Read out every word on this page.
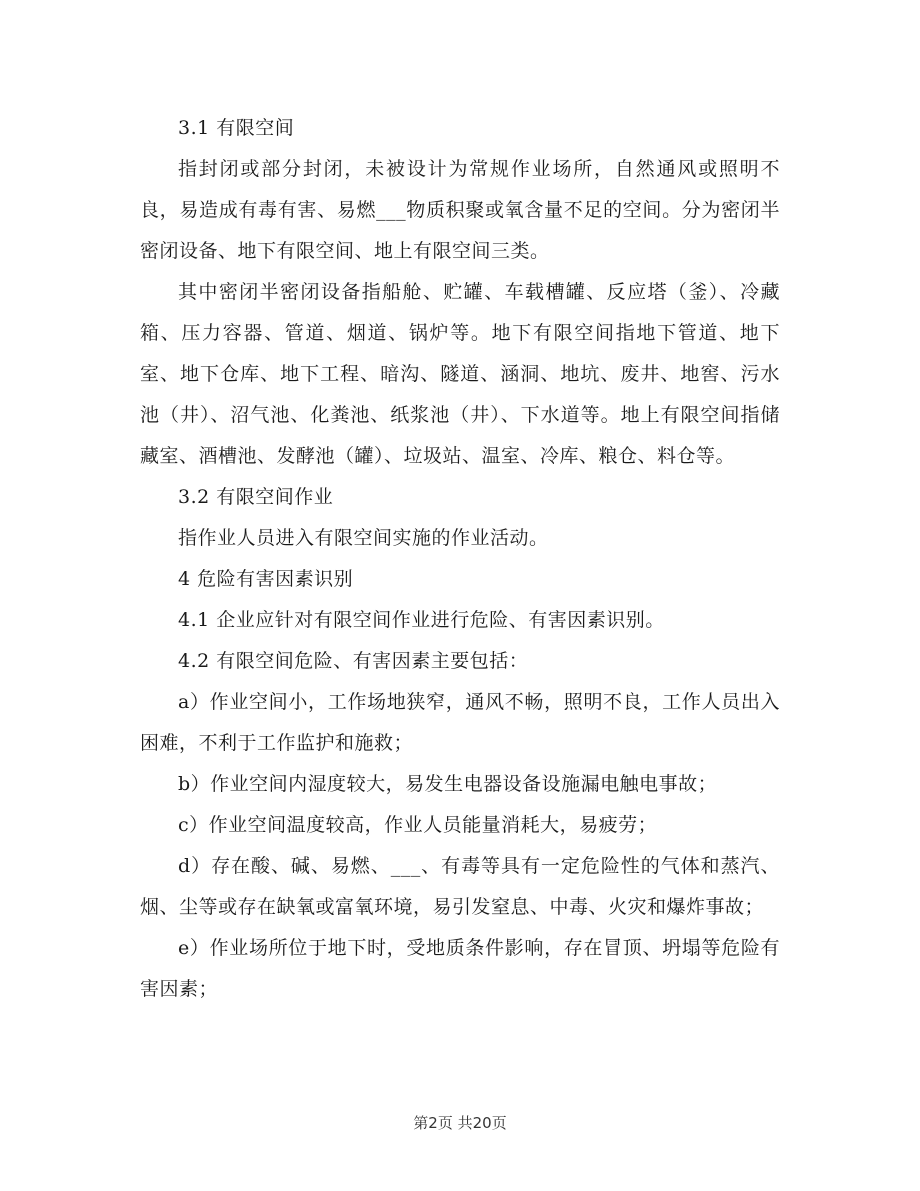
3.1 有限空间

指封闭或部分封闭，未被设计为常规作业场所，自然通风或照明不良，易造成有毒有害、易燃___物质积聚或氧含量不足的空间。分为密闭半密闭设备、地下有限空间、地上有限空间三类。

其中密闭半密闭设备指船舱、贮罐、车载槽罐、反应塔（釜）、冷藏箱、压力容器、管道、烟道、锅炉等。地下有限空间指地下管道、地下室、地下仓库、地下工程、暗沟、隧道、涵洞、地坑、废井、地窖、污水池（井）、沼气池、化粪池、纸浆池（井）、下水道等。地上有限空间指储藏室、酒槽池、发酵池（罐）、垃圾站、温室、冷库、粮仓、料仓等。

3.2 有限空间作业

指作业人员进入有限空间实施的作业活动。

4 危险有害因素识别

4.1 企业应针对有限空间作业进行危险、有害因素识别。

4.2 有限空间危险、有害因素主要包括：

a）作业空间小，工作场地狭窄，通风不畅，照明不良，工作人员出入困难，不利于工作监护和施救；

b）作业空间内湿度较大，易发生电器设备设施漏电触电事故；

c）作业空间温度较高，作业人员能量消耗大，易疲劳；

d）存在酸、碱、易燃、___、有毒等具有一定危险性的气体和蒸汽、烟、尘等或存在缺氧或富氧环境，易引发窒息、中毒、火灾和爆炸事故；

e）作业场所位于地下时，受地质条件影响，存在冒顶、坍塌等危险有害因素；

第2页 共20页
